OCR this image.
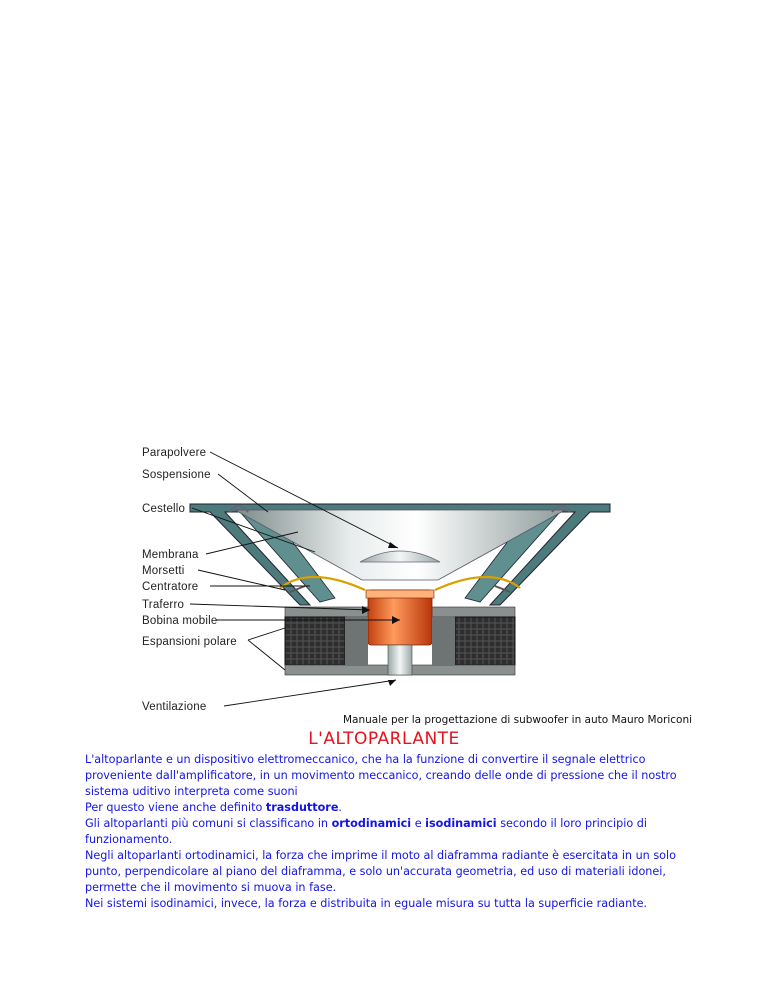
Parapolvere
Sospensione
Cestello
Membrana
Morsetti
Centratore
Traferro
Bobina mobile
Espansioni polare
Ventilazione
Manuale per la progettazione di subwoofer in auto Mauro Moriconi
L'ALTOPARLANTE

L'altoparlante e un dispositivo elettromeccanico, che ha la funzione di convertire il segnale elettrico proveniente dall'amplificatore, in un movimento meccanico, creando delle onde di pressione che il nostro sistema uditivo interpreta come suoni

Per questo viene anche definito trasduttore.

Gli altoparlanti più comuni si classificano in ortodinamici e isodinamici secondo il loro principio di funzionamento.

Negli altoparlanti ortodinamici, la forza che imprime il moto al diaframma radiante è esercitata in un solo punto, perpendicolare al piano del diaframma, e solo un'accurata geometria, ed uso di materiali idonei, permette che il movimento si muova in fase.

Nei sistemi isodinamici, invece, la forza e distribuita in eguale misura su tutta la superficie radiante.
